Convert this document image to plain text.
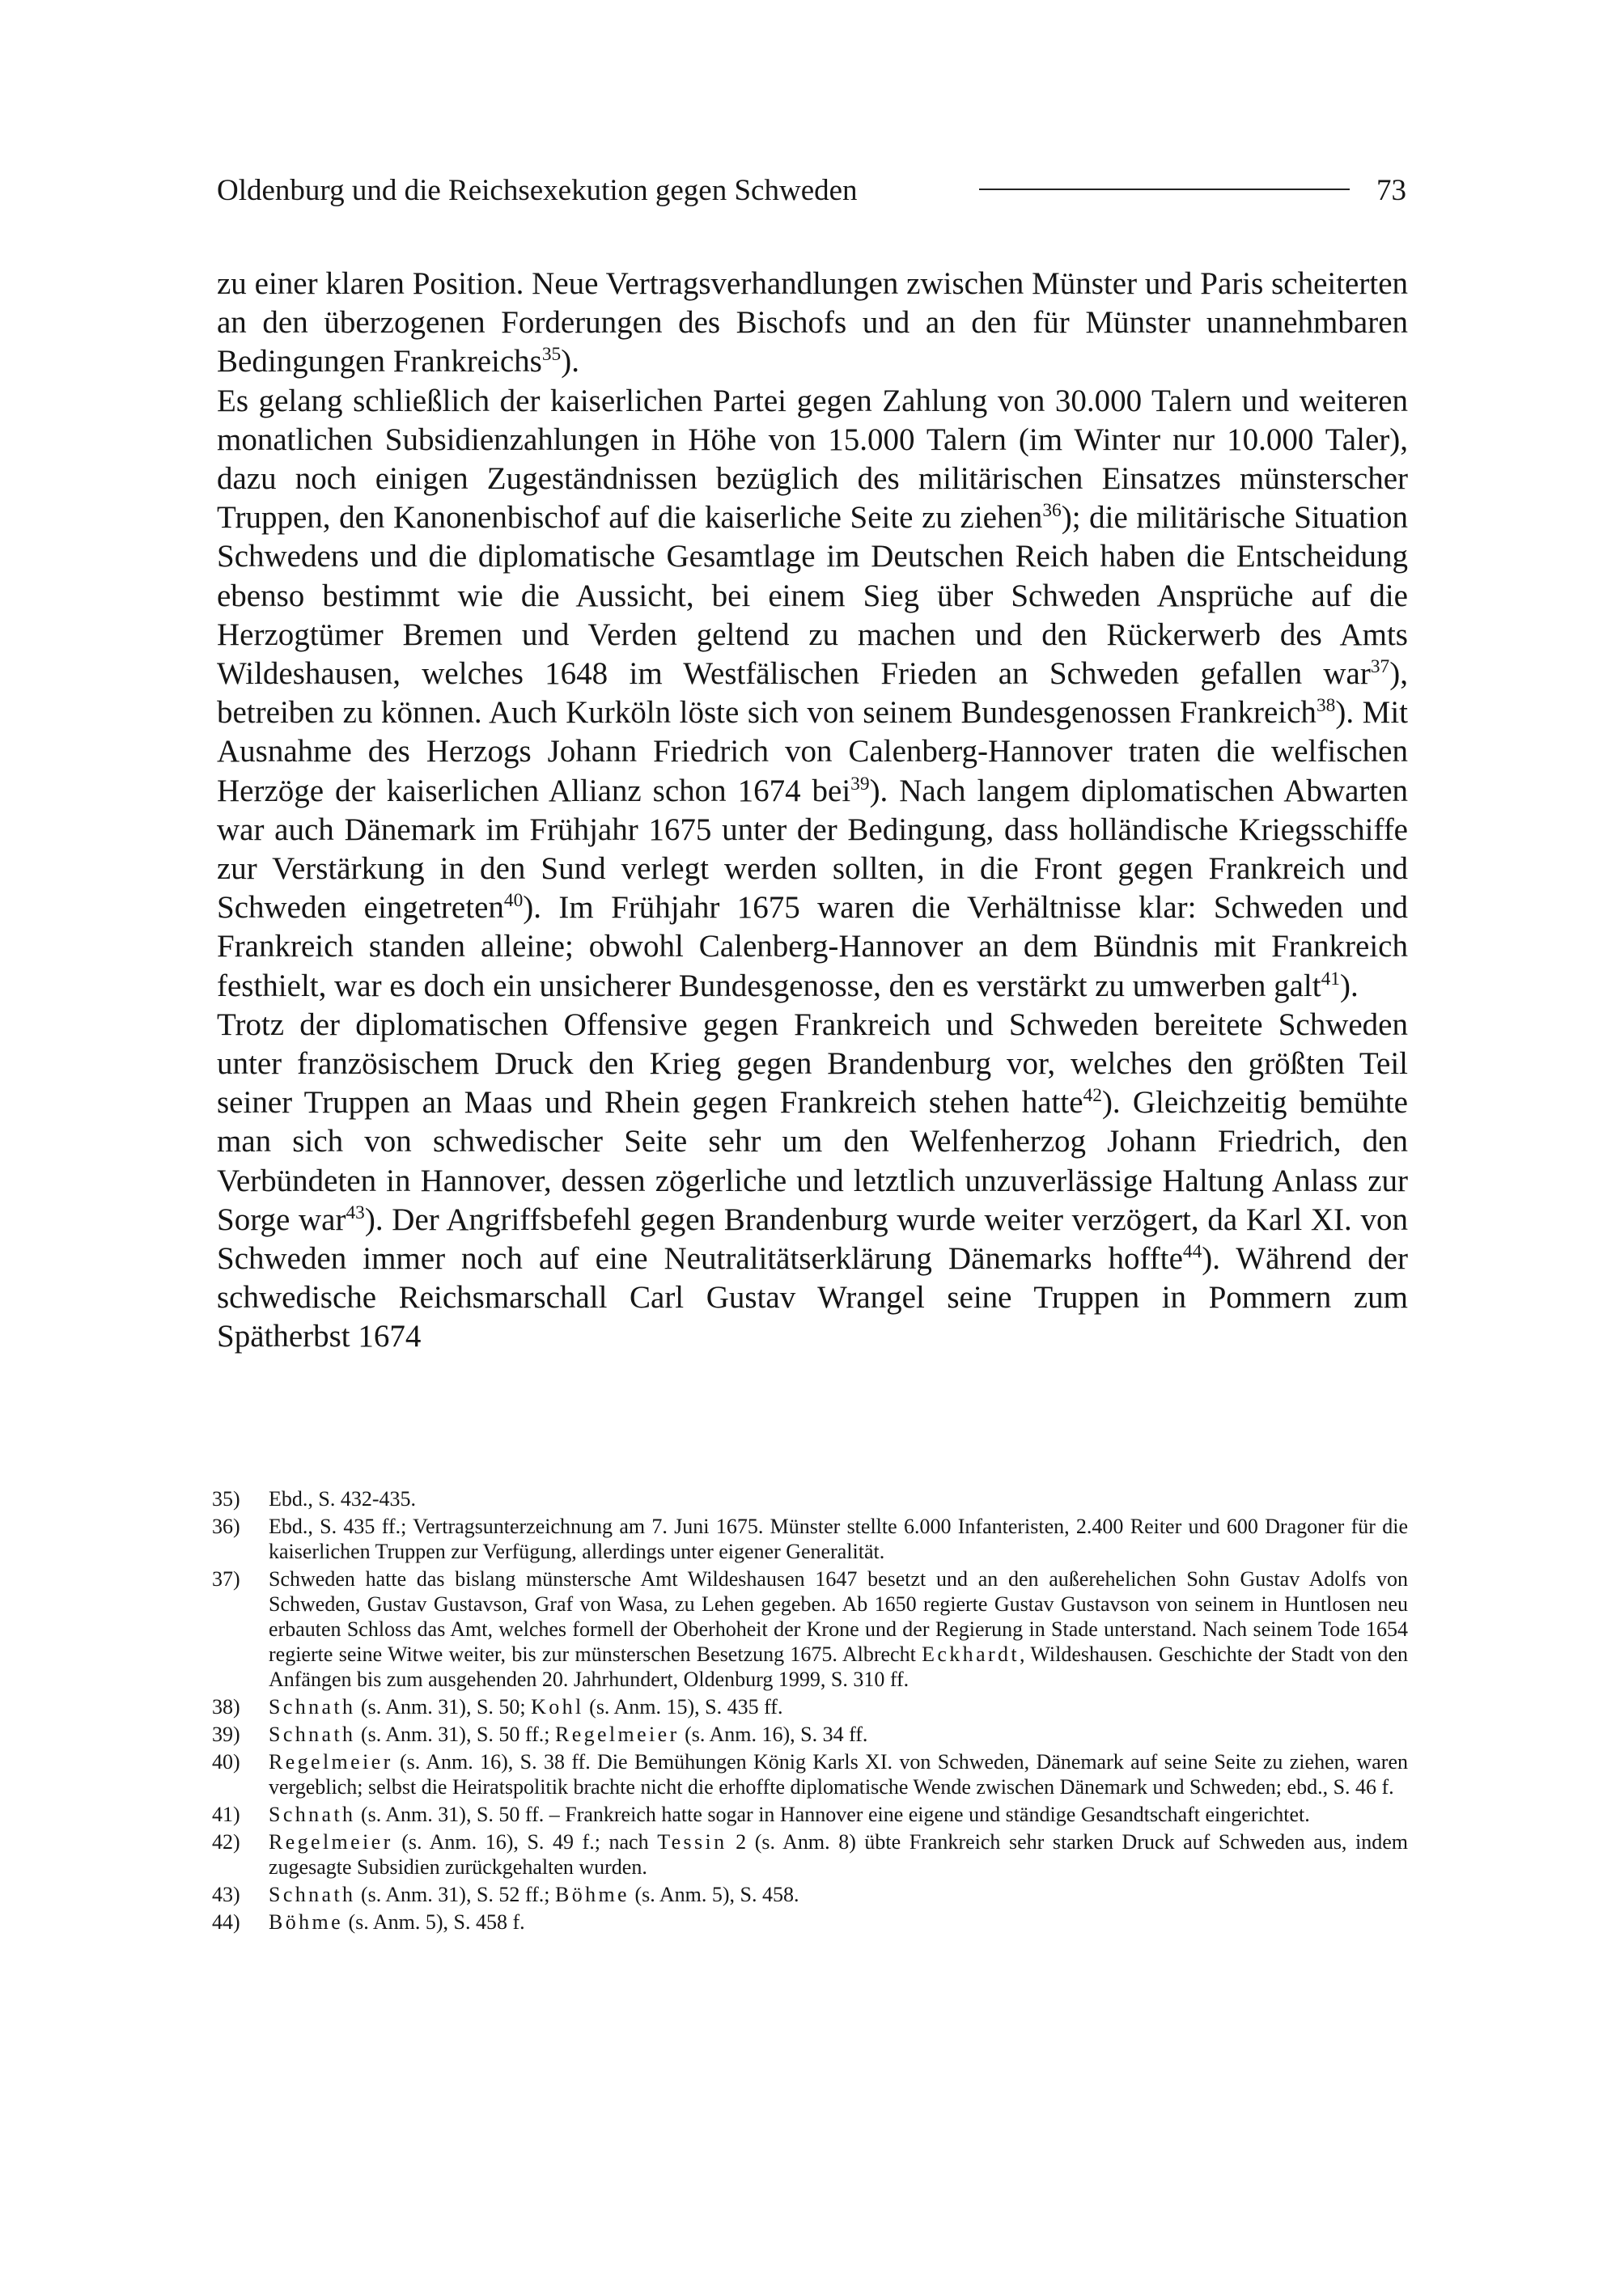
Oldenburg und die Reichsexekution gegen Schweden	73

zu einer klaren Position. Neue Vertragsverhandlungen zwischen Münster und Paris scheiterten an den überzogenen Forderungen des Bischofs und an den für Münster unannehmbaren Bedingungen Frankreichs$^{35}$).

Es gelang schließlich der kaiserlichen Partei gegen Zahlung von 30.000 Talern und weiteren monatlichen Subsidienzahlungen in Höhe von 15.000 Talern (im Winter nur 10.000 Taler), dazu noch einigen Zugeständnissen bezüglich des militärischen Einsatzes münsterscher Truppen, den Kanonenbischof auf die kaiserliche Seite zu ziehen$^{36}$); die militärische Situation Schwedens und die diplomatische Gesamtlage im Deutschen Reich haben die Entscheidung ebenso bestimmt wie die Aussicht, bei einem Sieg über Schweden Ansprüche auf die Herzogtümer Bremen und Verden geltend zu machen und den Rückerwerb des Amts Wildeshausen, welches 1648 im Westfälischen Frieden an Schweden gefallen war$^{37}$), betreiben zu können. Auch Kurköln löste sich von seinem Bundesgenossen Frankreich$^{38}$). Mit Ausnahme des Herzogs Johann Friedrich von Calenberg-Hannover traten die welfischen Herzöge der kaiserlichen Allianz schon 1674 bei$^{39}$). Nach langem diplomatischen Abwarten war auch Dänemark im Frühjahr 1675 unter der Bedingung, dass holländische Kriegsschiffe zur Verstärkung in den Sund verlegt werden sollten, in die Front gegen Frankreich und Schweden eingetreten$^{40}$). Im Frühjahr 1675 waren die Verhältnisse klar: Schweden und Frankreich standen alleine; obwohl Calenberg-Hannover an dem Bündnis mit Frankreich festhielt, war es doch ein unsicherer Bundesgenosse, den es verstärkt zu umwerben galt$^{41}$).

Trotz der diplomatischen Offensive gegen Frankreich und Schweden bereitete Schweden unter französischem Druck den Krieg gegen Brandenburg vor, welches den größten Teil seiner Truppen an Maas und Rhein gegen Frankreich stehen hatte$^{42}$). Gleichzeitig bemühte man sich von schwedischer Seite sehr um den Welfenherzog Johann Friedrich, den Verbündeten in Hannover, dessen zögerliche und letztlich unzuverlässige Haltung Anlass zur Sorge war$^{43}$). Der Angriffsbefehl gegen Brandenburg wurde weiter verzögert, da Karl XI. von Schweden immer noch auf eine Neutralitätserklärung Dänemarks hoffte$^{44}$). Während der schwedische Reichsmarschall Carl Gustav Wrangel seine Truppen in Pommern zum Spätherbst 1674

35) Ebd., S. 432-435.
36) Ebd., S. 435 ff.; Vertragsunterzeichnung am 7. Juni 1675. Münster stellte 6.000 Infanteristen, 2.400 Reiter und 600 Dragoner für die kaiserlichen Truppen zur Verfügung, allerdings unter eigener Generalität.
37) Schweden hatte das bislang münstersche Amt Wildeshausen 1647 besetzt und an den außerehelichen Sohn Gustav Adolfs von Schweden, Gustav Gustavson, Graf von Wasa, zu Lehen gegeben. Ab 1650 regierte Gustav Gustavson von seinem in Huntlosen neu erbauten Schloss das Amt, welches formell der Oberhoheit der Krone und der Regierung in Stade unterstand. Nach seinem Tode 1654 regierte seine Witwe weiter, bis zur münsterschen Besetzung 1675. Albrecht Eckhardt, Wildeshausen. Geschichte der Stadt von den Anfängen bis zum ausgehenden 20. Jahrhundert, Oldenburg 1999, S. 310 ff.
38) Schnath (s. Anm. 31), S. 50; Kohl (s. Anm. 15), S. 435 ff.
39) Schnath (s. Anm. 31), S. 50 ff.; Regelmeier (s. Anm. 16), S. 34 ff.
40) Regelmeier (s. Anm. 16), S. 38 ff. Die Bemühungen König Karls XI. von Schweden, Dänemark auf seine Seite zu ziehen, waren vergeblich; selbst die Heiratspolitik brachte nicht die erhoffte diplomatische Wende zwischen Dänemark und Schweden; ebd., S. 46 f.
41) Schnath (s. Anm. 31), S. 50 ff. – Frankreich hatte sogar in Hannover eine eigene und ständige Gesandtschaft eingerichtet.
42) Regelmeier (s. Anm. 16), S. 49 f.; nach Tessin 2 (s. Anm. 8) übte Frankreich sehr starken Druck auf Schweden aus, indem zugesagte Subsidien zurückgehalten wurden.
43) Schnath (s. Anm. 31), S. 52 ff.; Böhme (s. Anm. 5), S. 458.
44) Böhme (s. Anm. 5), S. 458 f.
